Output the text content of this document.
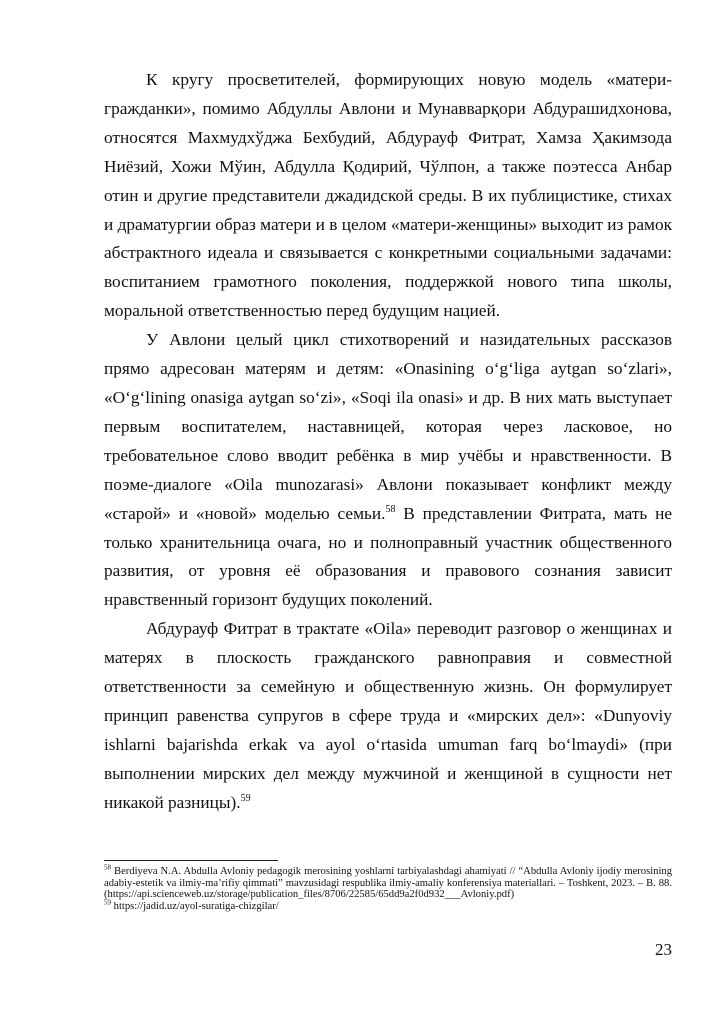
К кругу просветителей, формирующих новую модель «матери-гражданки», помимо Абдуллы Авлони и Мунавварқори Абдурашидхонова, относятся Махмудхўджа Бехбудий, Абдурауф Фитрат, Хамза Ҳакимзода Ниёзий, Хожи Мўин, Абдулла Қодирий, Чўлпон, а также поэтесса Анбар отин и другие представители джадидской среды. В их публицистике, стихах и драматургии образ матери и в целом «матери-женщины» выходит из рамок абстрактного идеала и связывается с конкретными социальными задачами: воспитанием грамотного поколения, поддержкой нового типа школы, моральной ответственностью перед будущим нацией.

У Авлони целый цикл стихотворений и назидательных рассказов прямо адресован матерям и детям: «Onasining oʻgʻliga aytgan soʻzlari», «Oʻgʻlining onasiga aytgan soʻzi», «Soqi ila onasi» и др. В них мать выступает первым воспитателем, наставницей, которая через ласковое, но требовательное слово вводит ребёнка в мир учёбы и нравственности. В поэме-диалоге «Oila munozarasi» Авлони показывает конфликт между «старой» и «новой» моделью семьи.$^{58}$ В представлении Фитрата, мать не только хранительница очага, но и полноправный участник общественного развития, от уровня её образования и правового сознания зависит нравственный горизонт будущих поколений.

Абдурауф Фитрат в трактате «Oila» переводит разговор о женщинах и матерях в плоскость гражданского равноправия и совместной ответственности за семейную и общественную жизнь. Он формулирует принцип равенства супругов в сфере труда и «мирских дел»: «Dunyoviy ishlarni bajarishda erkak va ayol oʻrtasida umuman farq boʻlmaydi» (при выполнении мирских дел между мужчиной и женщиной в сущности нет никакой разницы).$^{59}$

$^{58}$ Berdiyeva N.A. Abdulla Avloniy pedagogik merosining yoshlarni tarbiyalashdagi ahamiyati // “Abdulla Avloniy ijodiy merosining adabiy-estetik va ilmiy-ma’rifiy qimmati” mavzusidagi respublika ilmiy-amaliy konferensiya materiallari. – Toshkent, 2023. – B. 88. (https://api.scienceweb.uz/storage/publication_files/8706/22585/65dd9a2f0d932___Avloniy.pdf)

$^{59}$ https://jadid.uz/ayol-suratiga-chizgilar/

23
